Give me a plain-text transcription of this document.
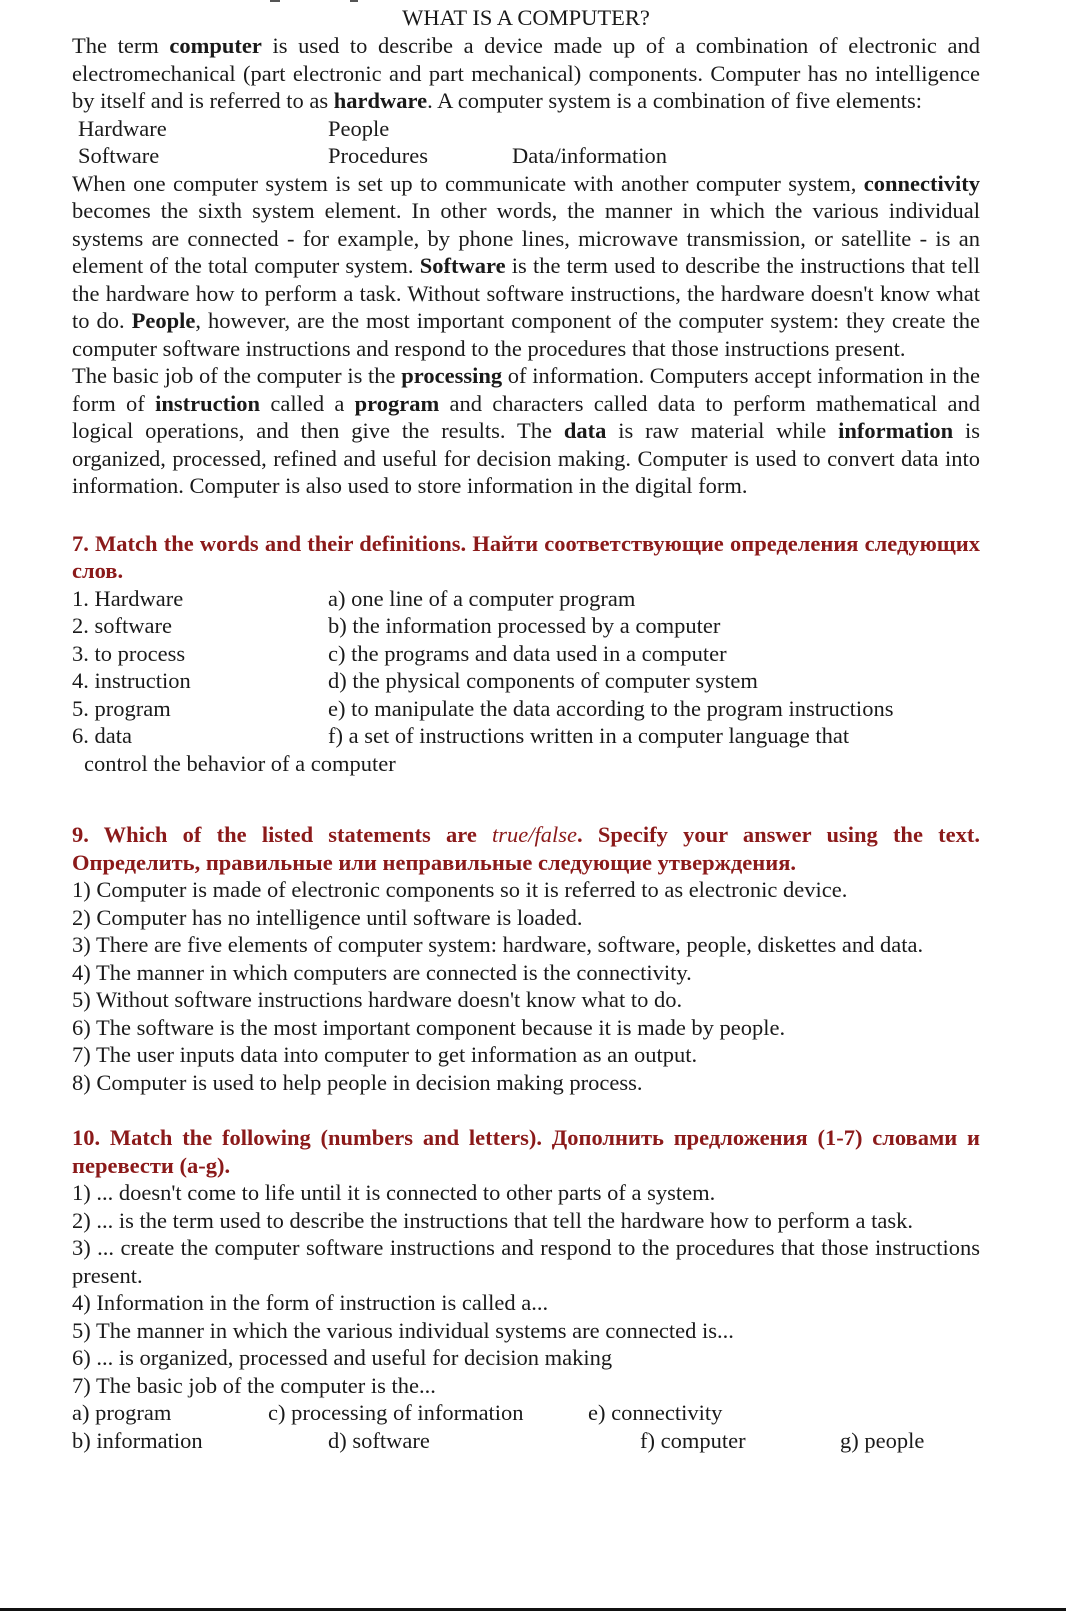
WHAT IS A COMPUTER?

The term computer is used to describe a device made up of a combination of electronic and electromechanical (part electronic and part mechanical) components. Computer has no intelligence by itself and is referred to as hardware. A computer system is a combination of five elements:

Hardware	People
Software	Procedures	Data/information

When one computer system is set up to communicate with another computer system, connectivity becomes the sixth system element. In other words, the manner in which the various individual systems are connected - for example, by phone lines, microwave transmission, or satellite - is an element of the total computer system. Software is the term used to describe the instructions that tell the hardware how to perform a task. Without software instructions, the hardware doesn't know what to do. People, however, are the most important component of the computer system: they create the computer software instructions and respond to the procedures that those instructions present.

The basic job of the computer is the processing of information. Computers accept information in the form of instruction called a program and characters called data to perform mathematical and logical operations, and then give the results. The data is raw material while information is organized, processed, refined and useful for decision making. Computer is used to convert data into information. Computer is also used to store information in the digital form.

7. Match the words and their definitions. Найти соответствующие определения следующих слов.

1. Hardware	a) one line of a computer program
2. software	b) the information processed by a computer
3. to process	c) the programs and data used in a computer
4. instruction	d) the physical components of computer system
5. program	e) to manipulate the data according to the program instructions
6. data	f) a set of instructions written in a computer language that
control the behavior of a computer

9. Which of the listed statements are true/false. Specify your answer using the text. Определить, правильные или неправильные следующие утверждения.

1) Computer is made of electronic components so it is referred to as electronic device.

2) Computer has no intelligence until software is loaded.

3) There are five elements of computer system: hardware, software, people, diskettes and data.

4) The manner in which computers are connected is the connectivity.

5) Without software instructions hardware doesn't know what to do.

6) The software is the most important component because it is made by people.

7) The user inputs data into computer to get information as an output.

8) Computer is used to help people in decision making process.

10. Match the following (numbers and letters). Дополнить предложения (1-7) словами и перевести (a-g).

1) ... doesn't come to life until it is connected to other parts of a system.

2) ... is the term used to describe the instructions that tell the hardware how to perform a task.

3) ... create the computer software instructions and respond to the procedures that those instructions present.

4) Information in the form of instruction is called a...

5) The manner in which the various individual systems are connected is...

6) ... is organized, processed and useful for decision making

7) The basic job of the computer is the...

a) program	c) processing of information	e) connectivity
b) information	d) software	f) computer	g) people
